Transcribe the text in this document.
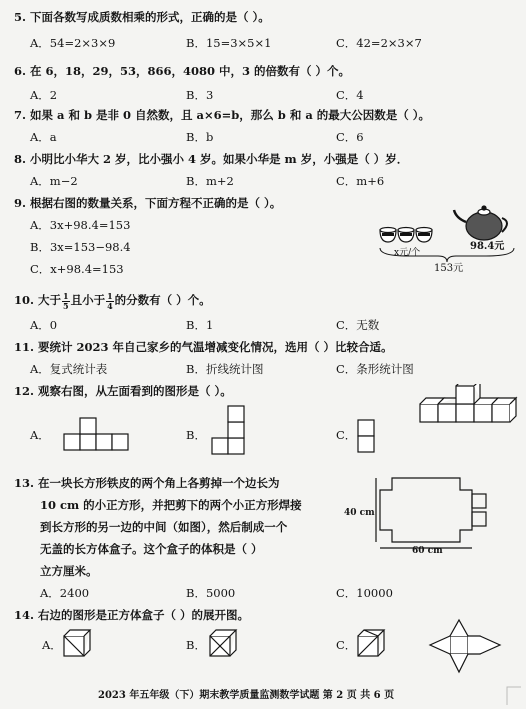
5. 下面各数写成质数相乘的形式，正确的是（ ）。
A．54=2×3×9	B．15=3×5×1	C．42=2×3×7
6. 在 6，18，29，53，866，4080 中，3 的倍数有（ ）个。
A．2	B．3	C．4
7. 如果 a 和 b 是非 0 自然数，且 a×6=b，那么 b 和 a 的最大公因数是（ ）。
A．a	B．b	C．6
8. 小明比小华大 2 岁，比小强小 4 岁。如果小华是 m 岁，小强是（ ）岁．
A．m−2	B．m+2	C．m+6
9. 根据右图的数量关系，下面方程不正确的是（ ）。
A．3x+98.4=153
B．3x=153−98.4
C．x+98.4=153
x元/个
98.4元
153元
10. 大于 $\frac{1}{5}$ 且小于 $\frac{1}{4}$ 的分数有（ ）个。
A．0	B．1	C．无数
11. 要统计 2023 年自己家乡的气温增减变化情况，选用（ ）比较合适。
A．复式统计表	B．折线统计图	C．条形统计图
12. 观察右图，从左面看到的图形是（ ）。
A．	B．	C．
13. 在一块长方形铁皮的两个角上各剪掉一个边长为
10 cm 的小正方形，并把剪下的两个小正方形焊接
到长方形的另一边的中间（如图），然后制成一个
无盖的长方体盒子。这个盒子的体积是（ ）
立方厘米。
A．2400	B．5000	C．10000
40 cm
60 cm
14. 右边的图形是正方体盒子（ ）的展开图。
A．	B．	C．
2023 年五年级（下）期末教学质量监测数学试题 第 2 页 共 6 页
